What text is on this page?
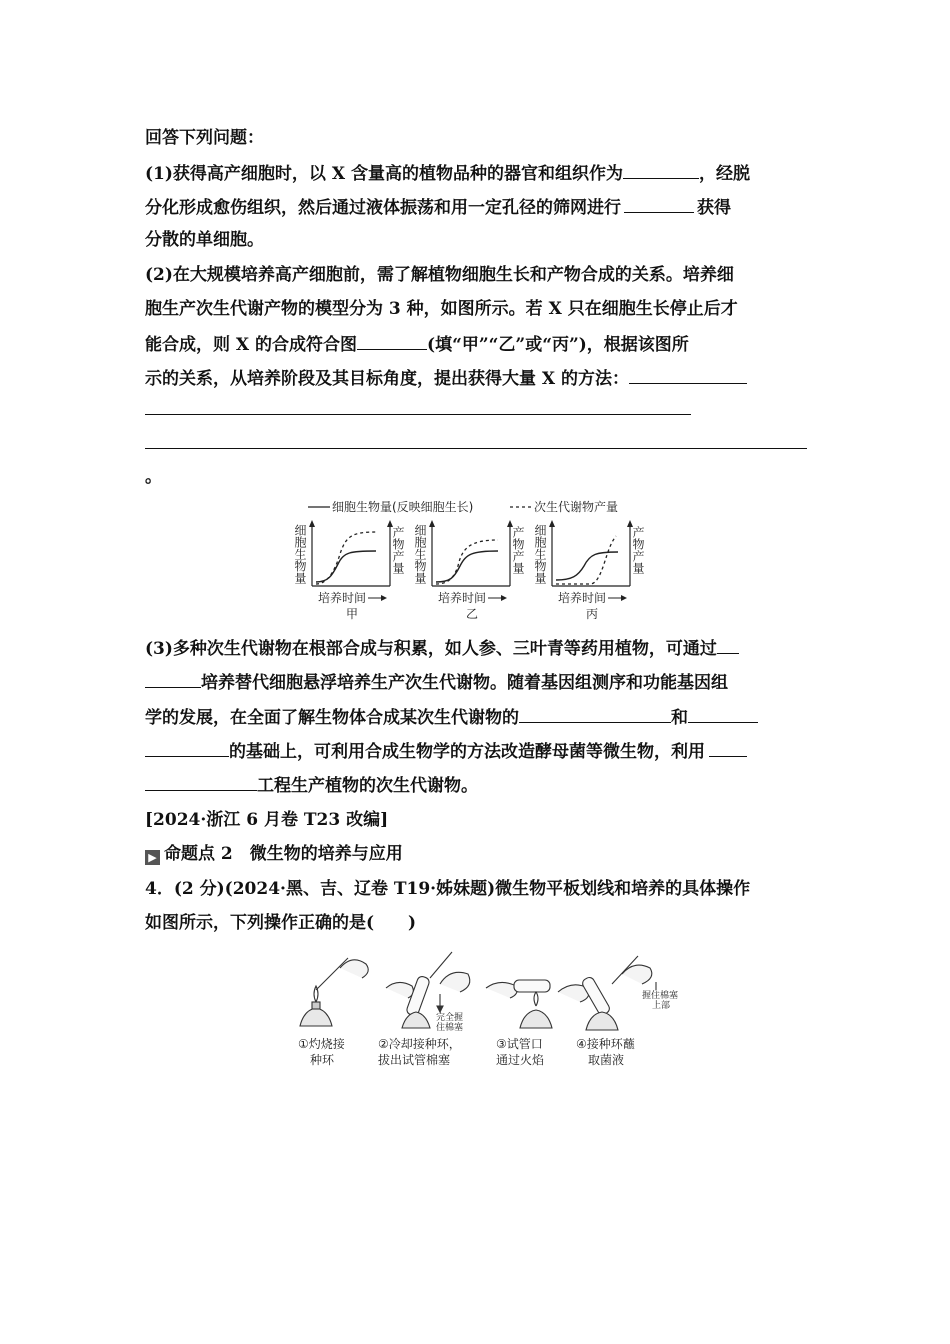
回答下列问题：
(1)获得高产细胞时，以 X 含量高的植物品种的器官和组织作为	，经脱
分化形成愈伤组织，然后通过液体振荡和用一定孔径的筛网进行	获得
分散的单细胞。
(2)在大规模培养高产细胞前，需了解植物细胞生长和产物合成的关系。培养细
胞生产次生代谢产物的模型分为 3 种，如图所示。若 X 只在细胞生长停止后才
能合成，则 X 的合成符合图	(填“甲”“乙”或“丙”)，根据该图所
示的关系，从培养阶段及其目标角度，提出获得大量 X 的方法：
。
细胞生物量(反映细胞生长)	次生代谢物产量
细胞生物量	产物产量
培养时间
甲
细胞生物量	产物产量
培养时间
乙
细胞生物量	产物产量
培养时间
丙
(3)多种次生代谢物在根部合成与积累，如人参、三叶青等药用植物，可通过
培养替代细胞悬浮培养生产次生代谢物。随着基因组测序和功能基因组
学的发展，在全面了解生物体合成某次生代谢物的	和
的基础上，可利用合成生物学的方法改造酵母菌等微生物，利用
工程生产植物的次生代谢物。
[2024·浙江 6 月卷 T23 改编]
▶ 命题点 2　微生物的培养与应用
4．(2 分)(2024·黑、吉、辽卷 T19·姊妹题)微生物平板划线和培养的具体操作
如图所示，下列操作正确的是(　　)
完全握
住棉塞
握住棉塞
上部
①灼烧接
种环
②冷却接种环，
拔出试管棉塞
③试管口
通过火焰
④接种环蘸
取菌液
